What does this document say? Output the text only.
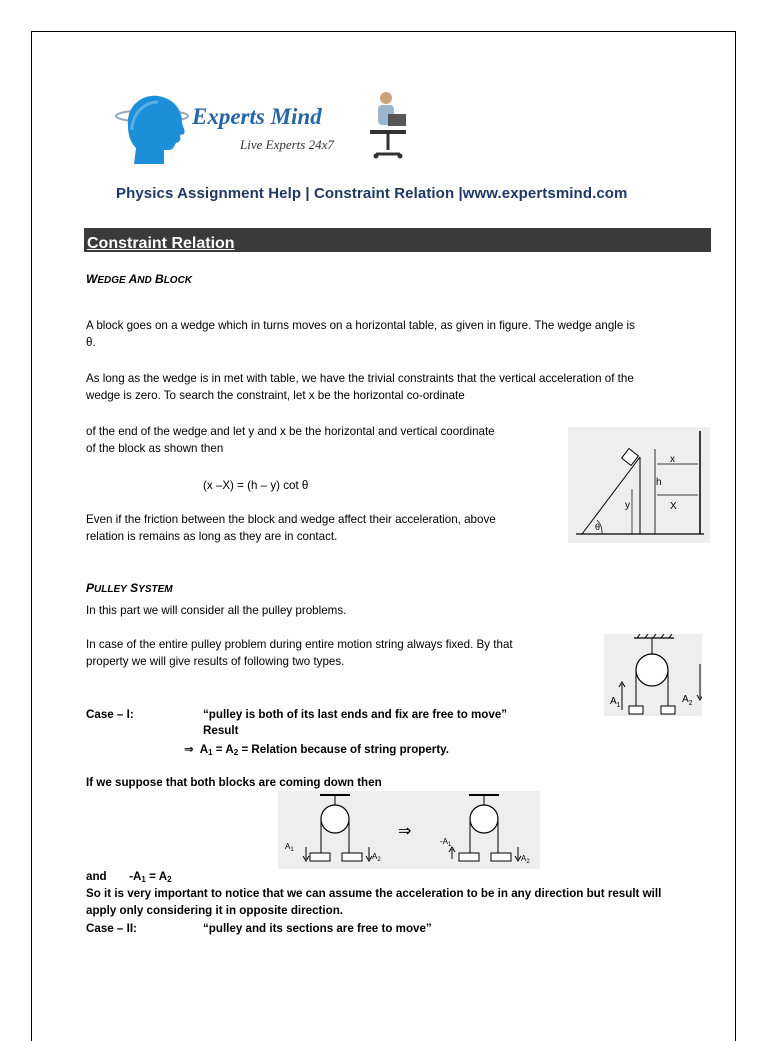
Experts Mind
Live Experts 24x7
Physics Assignment Help | Constraint Relation |www.expertsmind.com
Constraint Relation
WEDGE AND BLOCK
A block goes on a wedge which in turns moves on a horizontal table, as given in figure. The wedge angle is
θ.
As long as the wedge is in met with table, we have the trivial constraints that the vertical acceleration of the
wedge is zero. To search the constraint, let x be the horizontal co-ordinate
of the end of the wedge and let y and x be the horizontal and vertical coordinate
of the block as shown then
(x –X) = (h – y) cot θ
Even if the friction between the block and wedge affect their acceleration, above
relation is remains as long as they are in contact.
x
h
y	X
θ
PULLEY SYSTEM
In this part we will consider all the pulley problems.
In case of the entire pulley problem during entire motion string always fixed. By that
property we will give results of following two types.
$A_1$
$A_2$
Case – I:	“pulley is both of its last ends and fix are free to move”
Result
⇒ $A_1 = A_2$ = Relation because of string property.
If we suppose that both blocks are coming down then
$A_1$
$A_2$
⇒
$-A_1$
$A_2$
and $-A_1 = A_2$
So it is very important to notice that we can assume the acceleration to be in any direction but result will
apply only considering it in opposite direction.
Case – II:	“pulley and its sections are free to move”
